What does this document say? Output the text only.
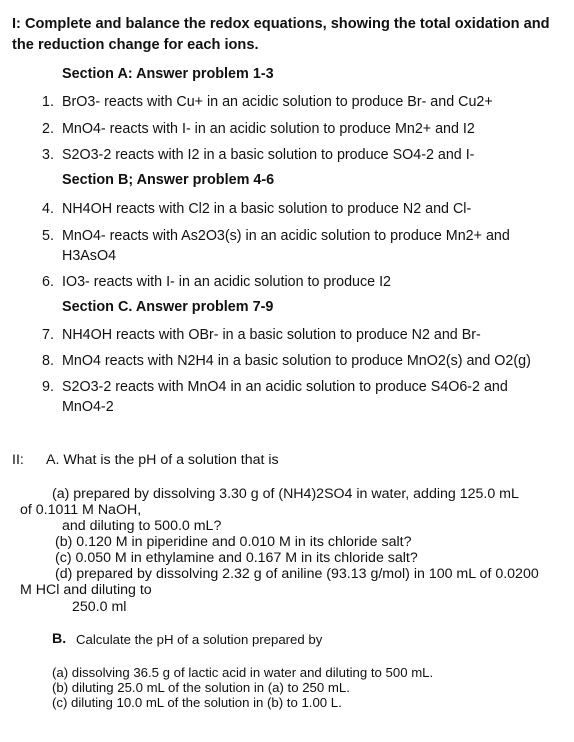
I: Complete and balance the redox equations, showing the total oxidation and the reduction change for each ions.
Section A: Answer problem 1-3
1. BrO3- reacts with Cu+ in an acidic solution to produce Br- and Cu2+
2. MnO4- reacts with I- in an acidic solution to produce Mn2+ and I2
3. S2O3-2 reacts with I2 in a basic solution to produce SO4-2 and I-
Section B; Answer problem 4-6
4. NH4OH reacts with Cl2 in a basic solution to produce N2 and Cl-
5. MnO4- reacts with As2O3(s) in an acidic solution to produce Mn2+ and H3AsO4
6. IO3- reacts with I- in an acidic solution to produce I2
Section C. Answer problem 7-9
7. NH4OH reacts with OBr- in a basic solution to produce N2 and Br-
8. MnO4 reacts with N2H4 in a basic solution to produce MnO2(s) and O2(g)
9. S2O3-2 reacts with MnO4 in an acidic solution to produce S4O6-2 and MnO4-2
II: A. What is the pH of a solution that is
(a) prepared by dissolving 3.30 g of (NH4)2SO4 in water, adding 125.0 mL
of 0.1011 M NaOH,
and diluting to 500.0 mL?
(b) 0.120 M in piperidine and 0.010 M in its chloride salt?
(c) 0.050 M in ethylamine and 0.167 M in its chloride salt?
(d) prepared by dissolving 2.32 g of aniline (93.13 g/mol) in 100 mL of 0.0200
M HCl and diluting to
250.0 ml
B. Calculate the pH of a solution prepared by
(a) dissolving 36.5 g of lactic acid in water and diluting to 500 mL.
(b) diluting 25.0 mL of the solution in (a) to 250 mL.
(c) diluting 10.0 mL of the solution in (b) to 1.00 L.
